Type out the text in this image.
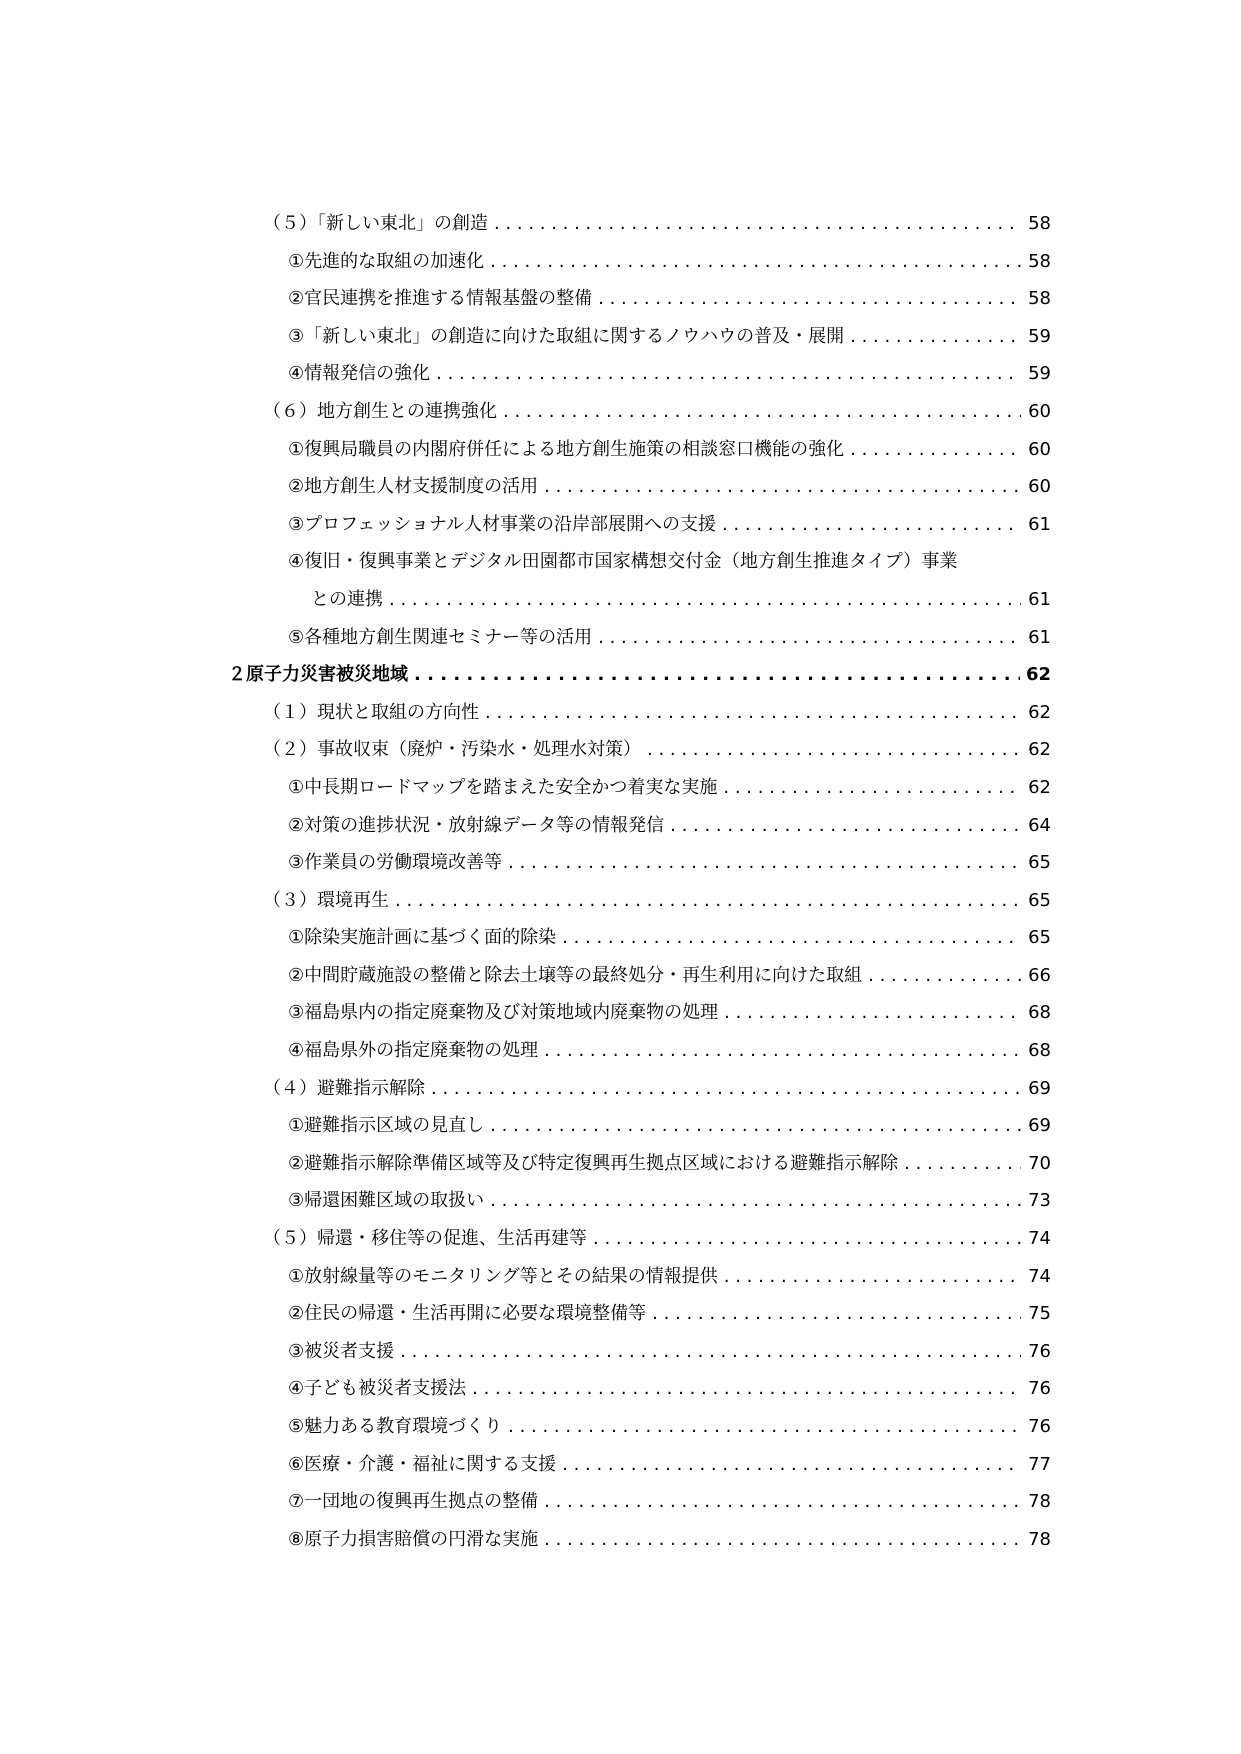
（５）「新しい東北」の創造 . . .	58
①先進的な取組の加速化 . . .	58
②官民連携を推進する情報基盤の整備 . . .	58
③「新しい東北」の創造に向けた取組に関するノウハウの普及・展開 . . .	59
④情報発信の強化 . . .	59
（６）地方創生との連携強化 . . .	60
①復興局職員の内閣府併任による地方創生施策の相談窓口機能の強化 . . .	60
②地方創生人材支援制度の活用 . . .	60
③プロフェッショナル人材事業の沿岸部展開への支援 . . .	61
④復旧・復興事業とデジタル田園都市国家構想交付金（地方創生推進タイプ）事業
との連携 . . .	61
⑤各種地方創生関連セミナー等の活用 . . .	61
２ 原子力災害被災地域 . . .	62
（１）現状と取組の方向性 . . .	62
（２）事故収束（廃炉・汚染水・処理水対策） . . .	62
①中長期ロードマップを踏まえた安全かつ着実な実施 . . .	62
②対策の進捗状況・放射線データ等の情報発信 . . .	64
③作業員の労働環境改善等 . . .	65
（３）環境再生 . . .	65
①除染実施計画に基づく面的除染 . . .	65
②中間貯蔵施設の整備と除去土壌等の最終処分・再生利用に向けた取組 . . .	66
③福島県内の指定廃棄物及び対策地域内廃棄物の処理 . . .	68
④福島県外の指定廃棄物の処理 . . .	68
（４）避難指示解除 . . .	69
①避難指示区域の見直し . . .	69
②避難指示解除準備区域等及び特定復興再生拠点区域における避難指示解除 . . .	70
③帰還困難区域の取扱い . . .	73
（５）帰還・移住等の促進、生活再建等 . . .	74
①放射線量等のモニタリング等とその結果の情報提供 . . .	74
②住民の帰還・生活再開に必要な環境整備等 . . .	75
③被災者支援 . . .	76
④子ども被災者支援法 . . .	76
⑤魅力ある教育環境づくり . . .	76
⑥医療・介護・福祉に関する支援 . . .	77
⑦一団地の復興再生拠点の整備 . . .	78
⑧原子力損害賠償の円滑な実施 . . .	78
